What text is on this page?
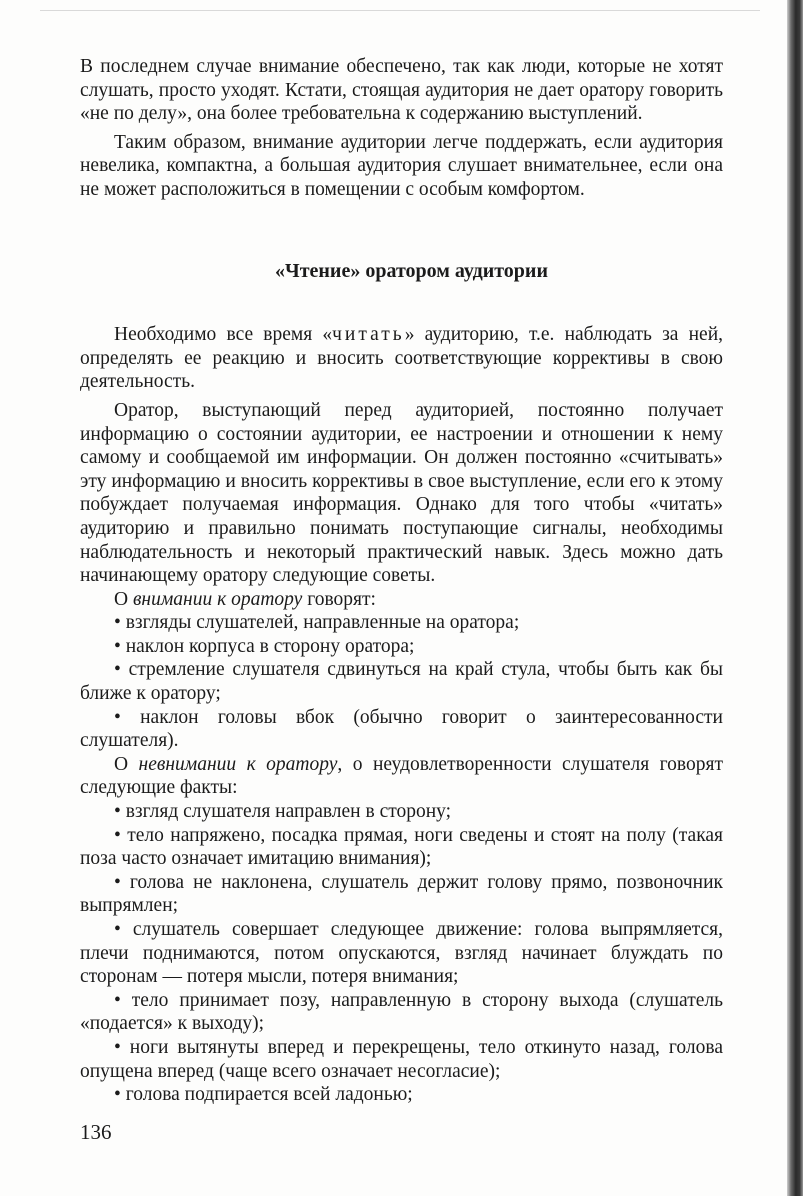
В последнем случае внимание обеспечено, так как люди, которые не хотят слушать, просто уходят. Кстати, стоящая аудитория не дает оратору говорить «не по делу», она более требовательна к содержанию выступлений.

Таким образом, внимание аудитории легче поддержать, если аудитория невелика, компактна, а большая аудитория слушает внимательнее, если она не может расположиться в помещении с особым комфортом.

«Чтение» оратором аудитории

Необходимо все время «читать» аудиторию, т.е. наблюдать за ней, определять ее реакцию и вносить соответствующие коррективы в свою деятельность.

Оратор, выступающий перед аудиторией, постоянно получает информацию о состоянии аудитории, ее настроении и отношении к нему самому и сообщаемой им информации. Он должен постоянно «считывать» эту информацию и вносить коррективы в свое выступление, если его к этому побуждает получаемая информация. Однако для того чтобы «читать» аудиторию и правильно понимать поступающие сигналы, необходимы наблюдательность и некоторый практический навык. Здесь можно дать начинающему оратору следующие советы.

О внимании к оратору говорят:

• взгляды слушателей, направленные на оратора;

• наклон корпуса в сторону оратора;

• стремление слушателя сдвинуться на край стула, чтобы быть как бы ближе к оратору;

• наклон головы вбок (обычно говорит о заинтересованности слушателя).

О невнимании к оратору, о неудовлетворенности слушателя говорят следующие факты:

• взгляд слушателя направлен в сторону;

• тело напряжено, посадка прямая, ноги сведены и стоят на полу (такая поза часто означает имитацию внимания);

• голова не наклонена, слушатель держит голову прямо, позвоночник выпрямлен;

• слушатель совершает следующее движение: голова выпрямляется, плечи поднимаются, потом опускаются, взгляд начинает блуждать по сторонам — потеря мысли, потеря внимания;

• тело принимает позу, направленную в сторону выхода (слушатель «подается» к выходу);

• ноги вытянуты вперед и перекрещены, тело откинуто назад, голова опущена вперед (чаще всего означает несогласие);

• голова подпирается всей ладонью;

136
